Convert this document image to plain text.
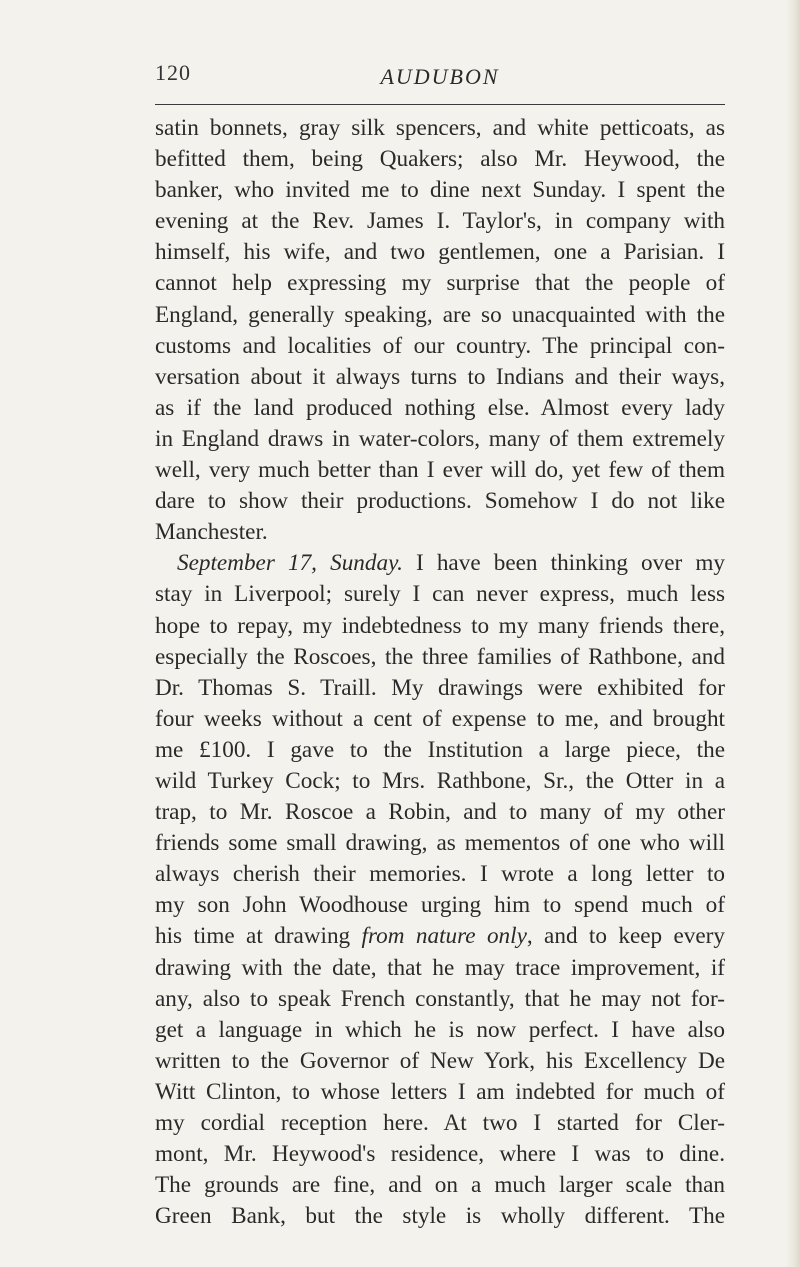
120	AUDUBON
satin bonnets, gray silk spencers, and white petticoats, as
befitted them, being Quakers; also Mr. Heywood, the
banker, who invited me to dine next Sunday. I spent the
evening at the Rev. James I. Taylor's, in company with
himself, his wife, and two gentlemen, one a Parisian. I
cannot help expressing my surprise that the people of
England, generally speaking, are so unacquainted with the
customs and localities of our country. The principal con-
versation about it always turns to Indians and their ways,
as if the land produced nothing else. Almost every lady
in England draws in water-colors, many of them extremely
well, very much better than I ever will do, yet few of them
dare to show their productions. Somehow I do not like
Manchester.
September 17, Sunday. I have been thinking over my
stay in Liverpool; surely I can never express, much less
hope to repay, my indebtedness to my many friends there,
especially the Roscoes, the three families of Rathbone, and
Dr. Thomas S. Traill. My drawings were exhibited for
four weeks without a cent of expense to me, and brought
me £100. I gave to the Institution a large piece, the
wild Turkey Cock; to Mrs. Rathbone, Sr., the Otter in a
trap, to Mr. Roscoe a Robin, and to many of my other
friends some small drawing, as mementos of one who will
always cherish their memories. I wrote a long letter to
my son John Woodhouse urging him to spend much of
his time at drawing from nature only, and to keep every
drawing with the date, that he may trace improvement, if
any, also to speak French constantly, that he may not for-
get a language in which he is now perfect. I have also
written to the Governor of New York, his Excellency De
Witt Clinton, to whose letters I am indebted for much of
my cordial reception here. At two I started for Cler-
mont, Mr. Heywood's residence, where I was to dine.
The grounds are fine, and on a much larger scale than
Green Bank, but the style is wholly different. The
